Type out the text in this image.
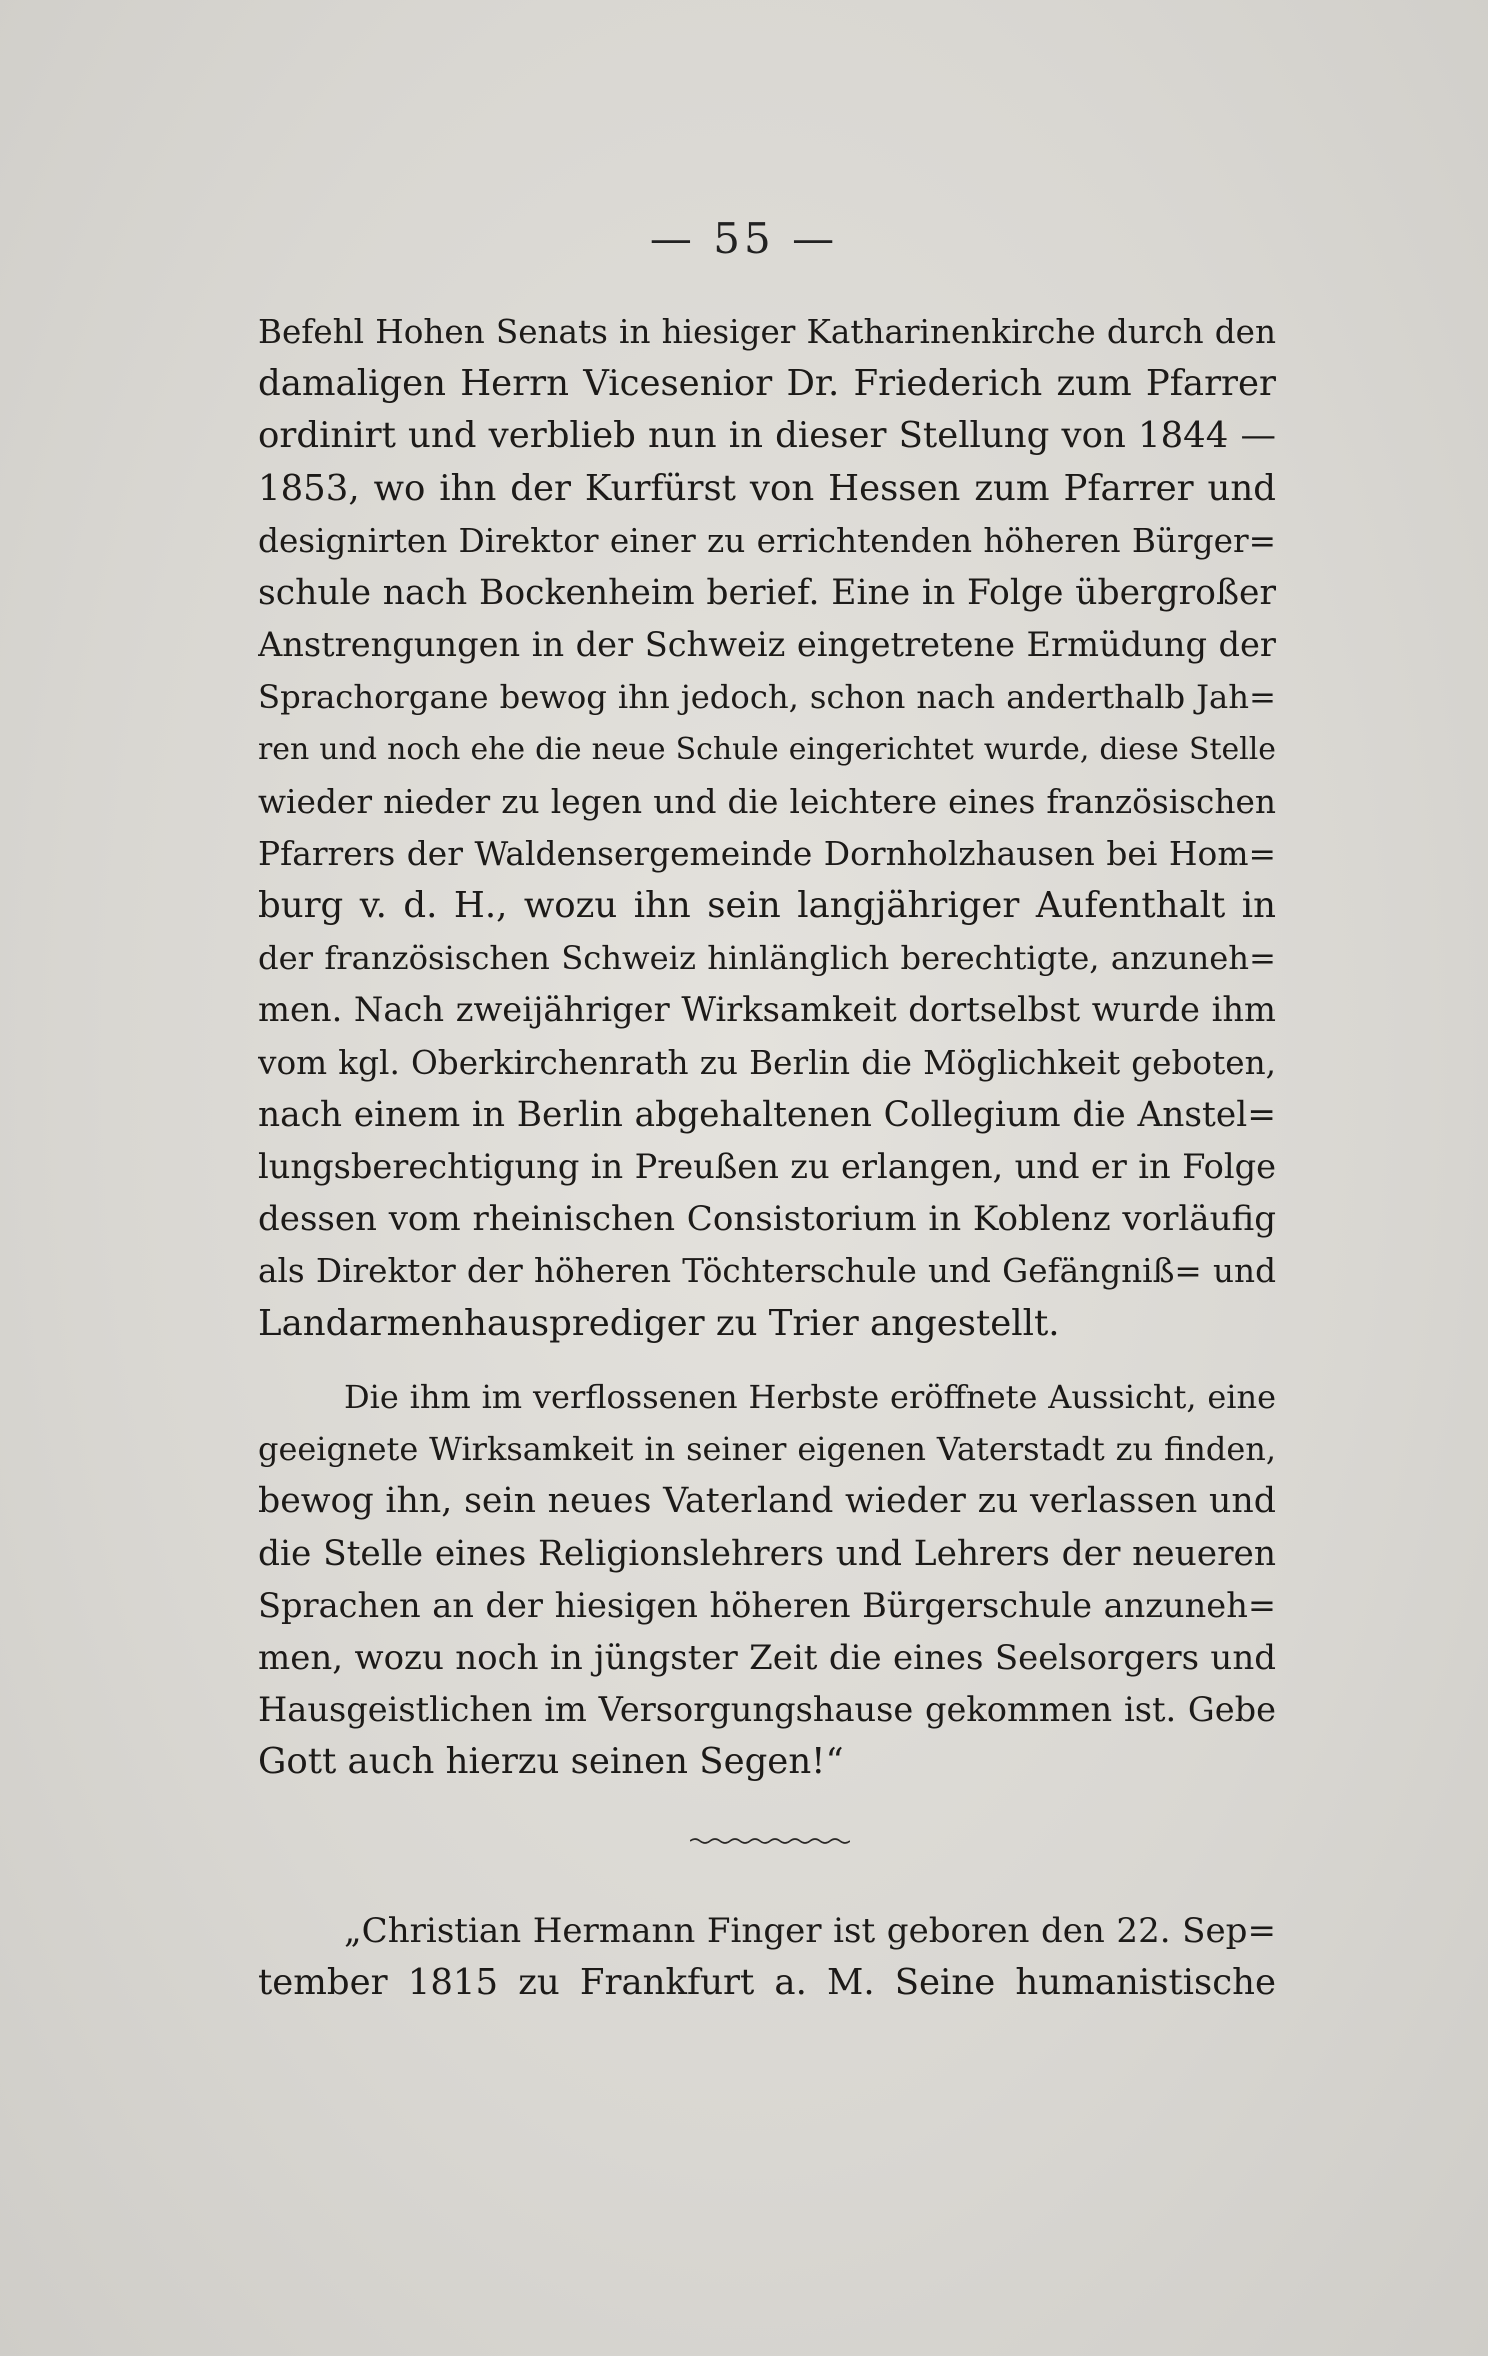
— 55 —
Befehl Hohen Senats in hiesiger Katharinenkirche durch den
damaligen Herrn Vicesenior Dr. Friederich zum Pfarrer
ordinirt und verblieb nun in dieser Stellung von 1844 —
1853, wo ihn der Kurfürst von Hessen zum Pfarrer und
designirten Direktor einer zu errichtenden höheren Bürger=
schule nach Bockenheim berief. Eine in Folge übergroßer
Anstrengungen in der Schweiz eingetretene Ermüdung der
Sprachorgane bewog ihn jedoch, schon nach anderthalb Jah=
ren und noch ehe die neue Schule eingerichtet wurde, diese Stelle
wieder nieder zu legen und die leichtere eines französischen
Pfarrers der Waldensergemeinde Dornholzhausen bei Hom=
burg v. d. H., wozu ihn sein langjähriger Aufenthalt in
der französischen Schweiz hinlänglich berechtigte, anzuneh=
men. Nach zweijähriger Wirksamkeit dortselbst wurde ihm
vom kgl. Oberkirchenrath zu Berlin die Möglichkeit geboten,
nach einem in Berlin abgehaltenen Collegium die Anstel=
lungsberechtigung in Preußen zu erlangen, und er in Folge
dessen vom rheinischen Consistorium in Koblenz vorläufig
als Direktor der höheren Töchterschule und Gefängniß= und
Landarmenhausprediger zu Trier angestellt.
Die ihm im verflossenen Herbste eröffnete Aussicht, eine
geeignete Wirksamkeit in seiner eigenen Vaterstadt zu finden,
bewog ihn, sein neues Vaterland wieder zu verlassen und
die Stelle eines Religionslehrers und Lehrers der neueren
Sprachen an der hiesigen höheren Bürgerschule anzuneh=
men, wozu noch in jüngster Zeit die eines Seelsorgers und
Hausgeistlichen im Versorgungshause gekommen ist. Gebe
Gott auch hierzu seinen Segen!“
„Christian Hermann Finger ist geboren den 22. Sep=
tember 1815 zu Frankfurt a. M. Seine humanistische
